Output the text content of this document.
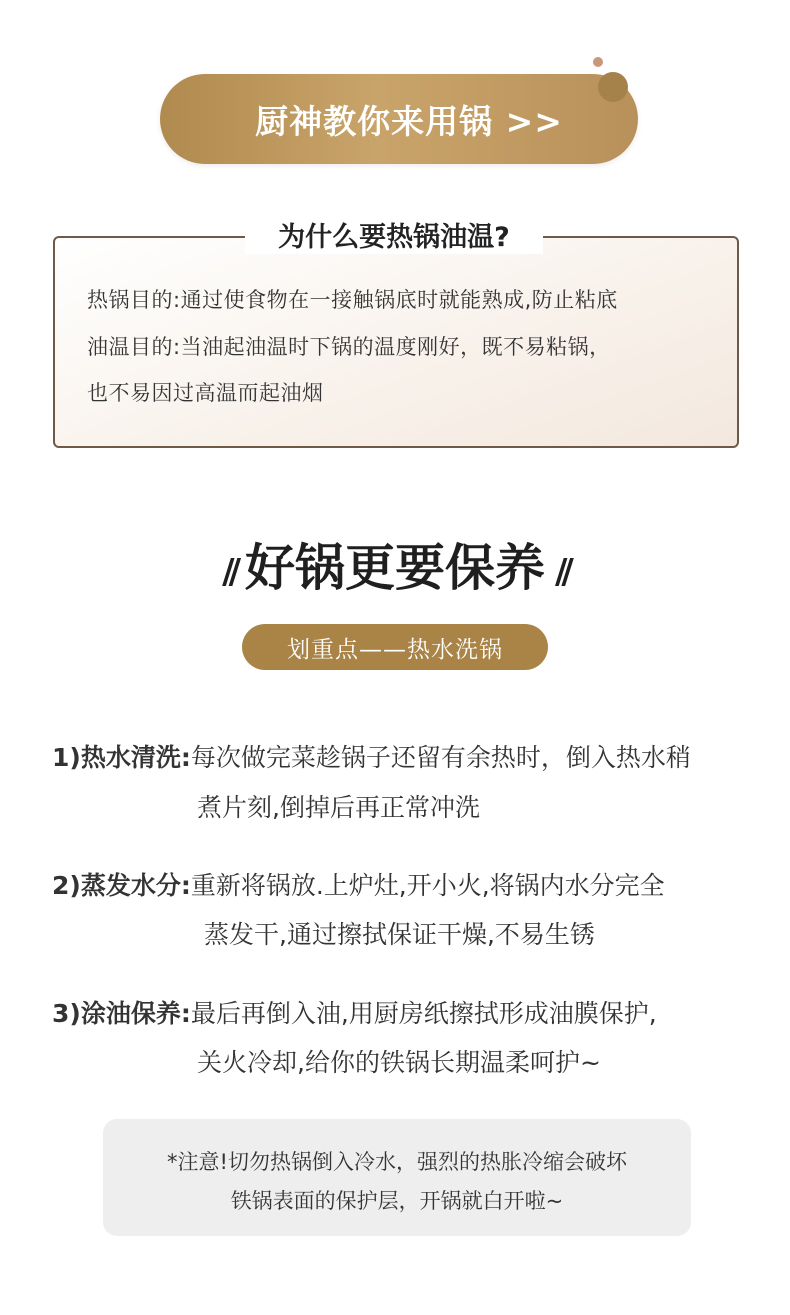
厨神教你来用锅 >>
为什么要热锅油温?
热锅目的:通过使食物在一接触锅底时就能熟成,防止粘底
油温目的:当油起油温时下锅的温度刚好，既不易粘锅，
也不易因过高温而起油烟
// 好锅更要保养 //
划重点——热水洗锅
1)热水清洗:每次做完菜趁锅子还留有余热时，倒入热水稍
煮片刻,倒掉后再正常冲洗
2)蒸发水分:重新将锅放.上炉灶,开小火,将锅内水分完全
蒸发干,通过擦拭保证干燥,不易生锈
3)涂油保养:最后再倒入油,用厨房纸擦拭形成油膜保护,
关火冷却,给你的铁锅长期温柔呵护~
*注意!切勿热锅倒入冷水，强烈的热胀冷缩会破坏
铁锅表面的保护层，开锅就白开啦~
